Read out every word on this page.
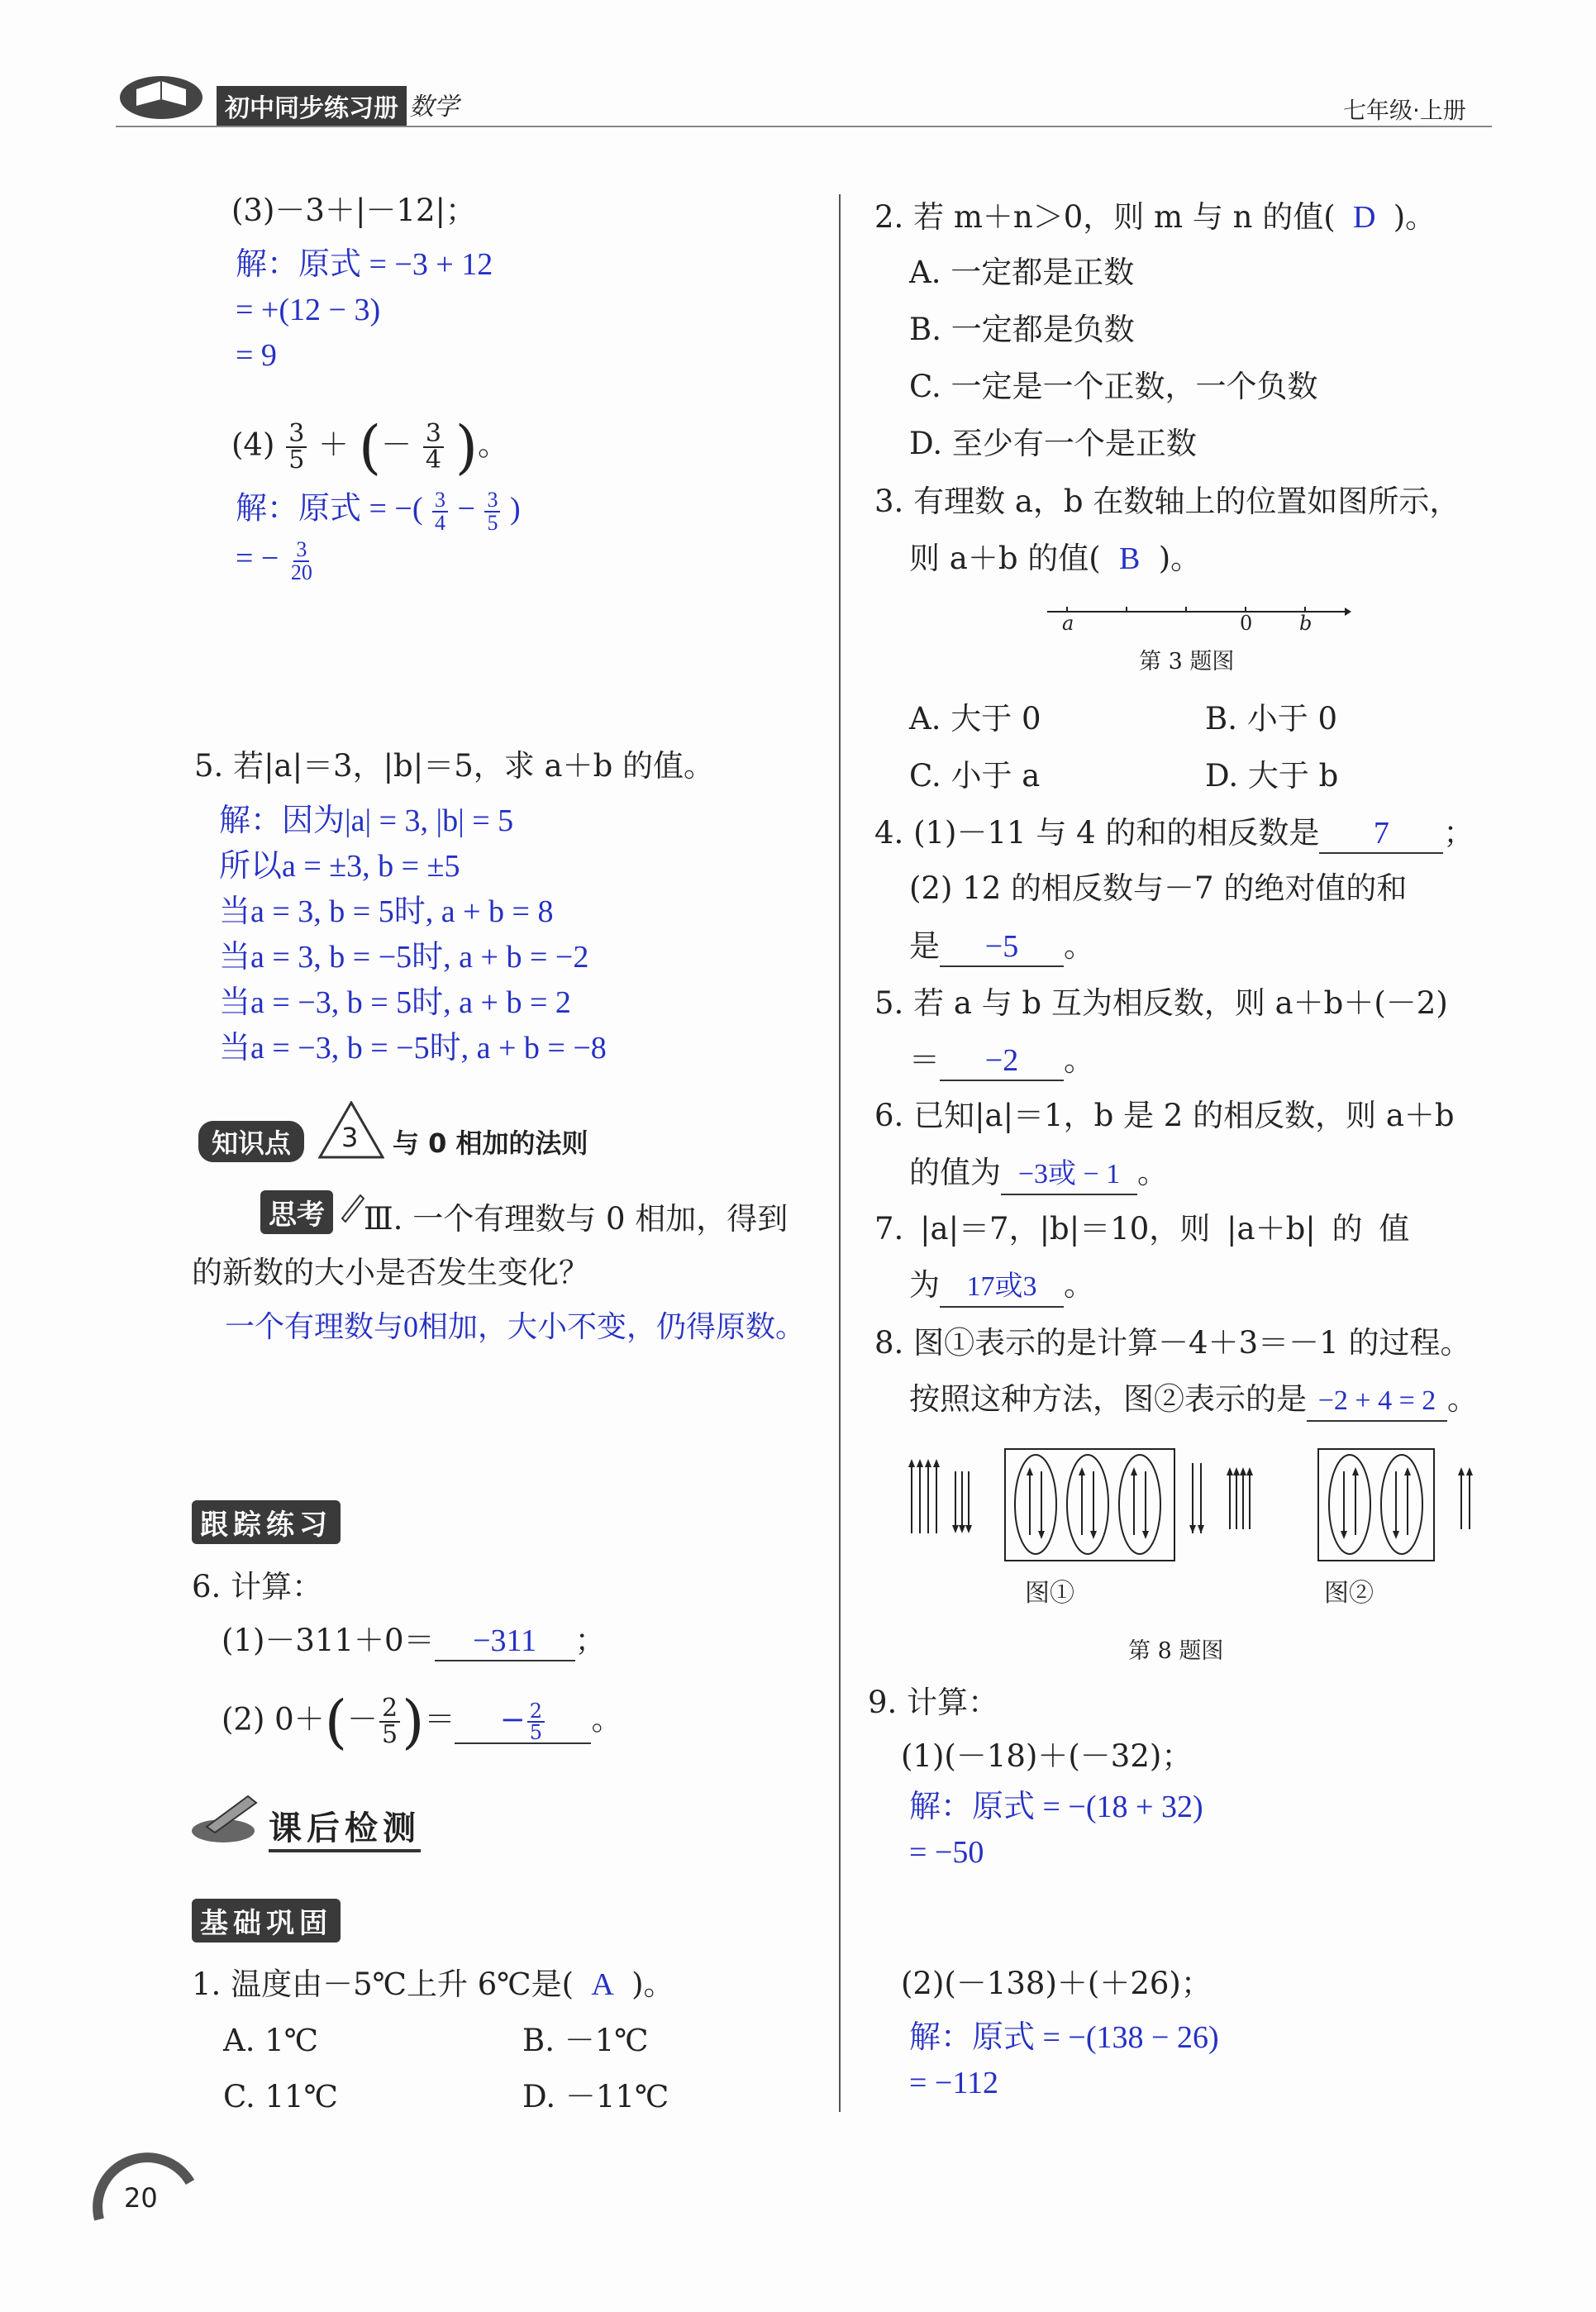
初中同步练习册 数学	七年级·上册
(3)－3＋|－12|；
解：原式 = −3 + 12
= +(12 − 3)
= 9
$(4) \frac{3}{5}$ ＋ (－ $\frac{3}{4}$ )。
解：原式 = −( $\frac{3}{4} - \frac{3}{5}$ )
= − $\frac{3}{20}$
5. 若|a|＝3，|b|＝5，求 a＋b 的值。
解：因为|a| = 3, |b| = 5
所以a = ±3, b = ±5
当a = 3, b = 5时, a + b = 8
当a = 3, b = −5时, a + b = −2
当a = −3, b = 5时, a + b = 2
当a = −3, b = −5时, a + b = −8
知识点	3 与 0 相加的法则
思考 Ⅲ. 一个有理数与 0 相加，得到
的新数的大小是否发生变化？
一个有理数与0相加，大小不变，仍得原数。
跟踪练习
6. 计算：
(1)－311＋0＝ −311 ；
(2) $0+(- \frac{2}{5}$ )＝ − $\frac{2}{5}$ 。
课后检测
基础巩固
1. 温度由－5℃上升 6℃是( A )。
A. 1℃	B. －1℃
C. 11℃	D. －11℃
2. 若 m＋n＞0，则 m 与 n 的值( D )。
A. 一定都是正数
B. 一定都是负数
C. 一定是一个正数，一个负数
D. 至少有一个是正数
3. 有理数 a，b 在数轴上的位置如图所示，
则 a＋b 的值( B )。
a	0 b
第 3 题图
A. 大于 0	B. 小于 0
C. 小于 a	D. 大于 b
4. (1)－11 与 4 的和的相反数是 7 ；
(2) 12 的相反数与－7 的绝对值的和
是 −5 。
5. 若 a 与 b 互为相反数，则 a＋b＋(－2)
＝ −2 。
6. 已知|a|＝1，b 是 2 的相反数，则 a＋b
的值为 −3或 − 1 。
7. |a|＝7，|b|＝10，则 |a＋b| 的 值
为 17或3 。
8. 图①表示的是计算－4＋3＝－1 的过程。
按照这种方法，图②表示的是 −2 + 4 = 2 。
图①	图②
第 8 题图
9. 计算：
(1)(－18)＋(－32)；
解：原式 = −(18 + 32)
= −50
(2)(－138)＋(＋26)；
解：原式 = −(138 − 26)
= −112
20
